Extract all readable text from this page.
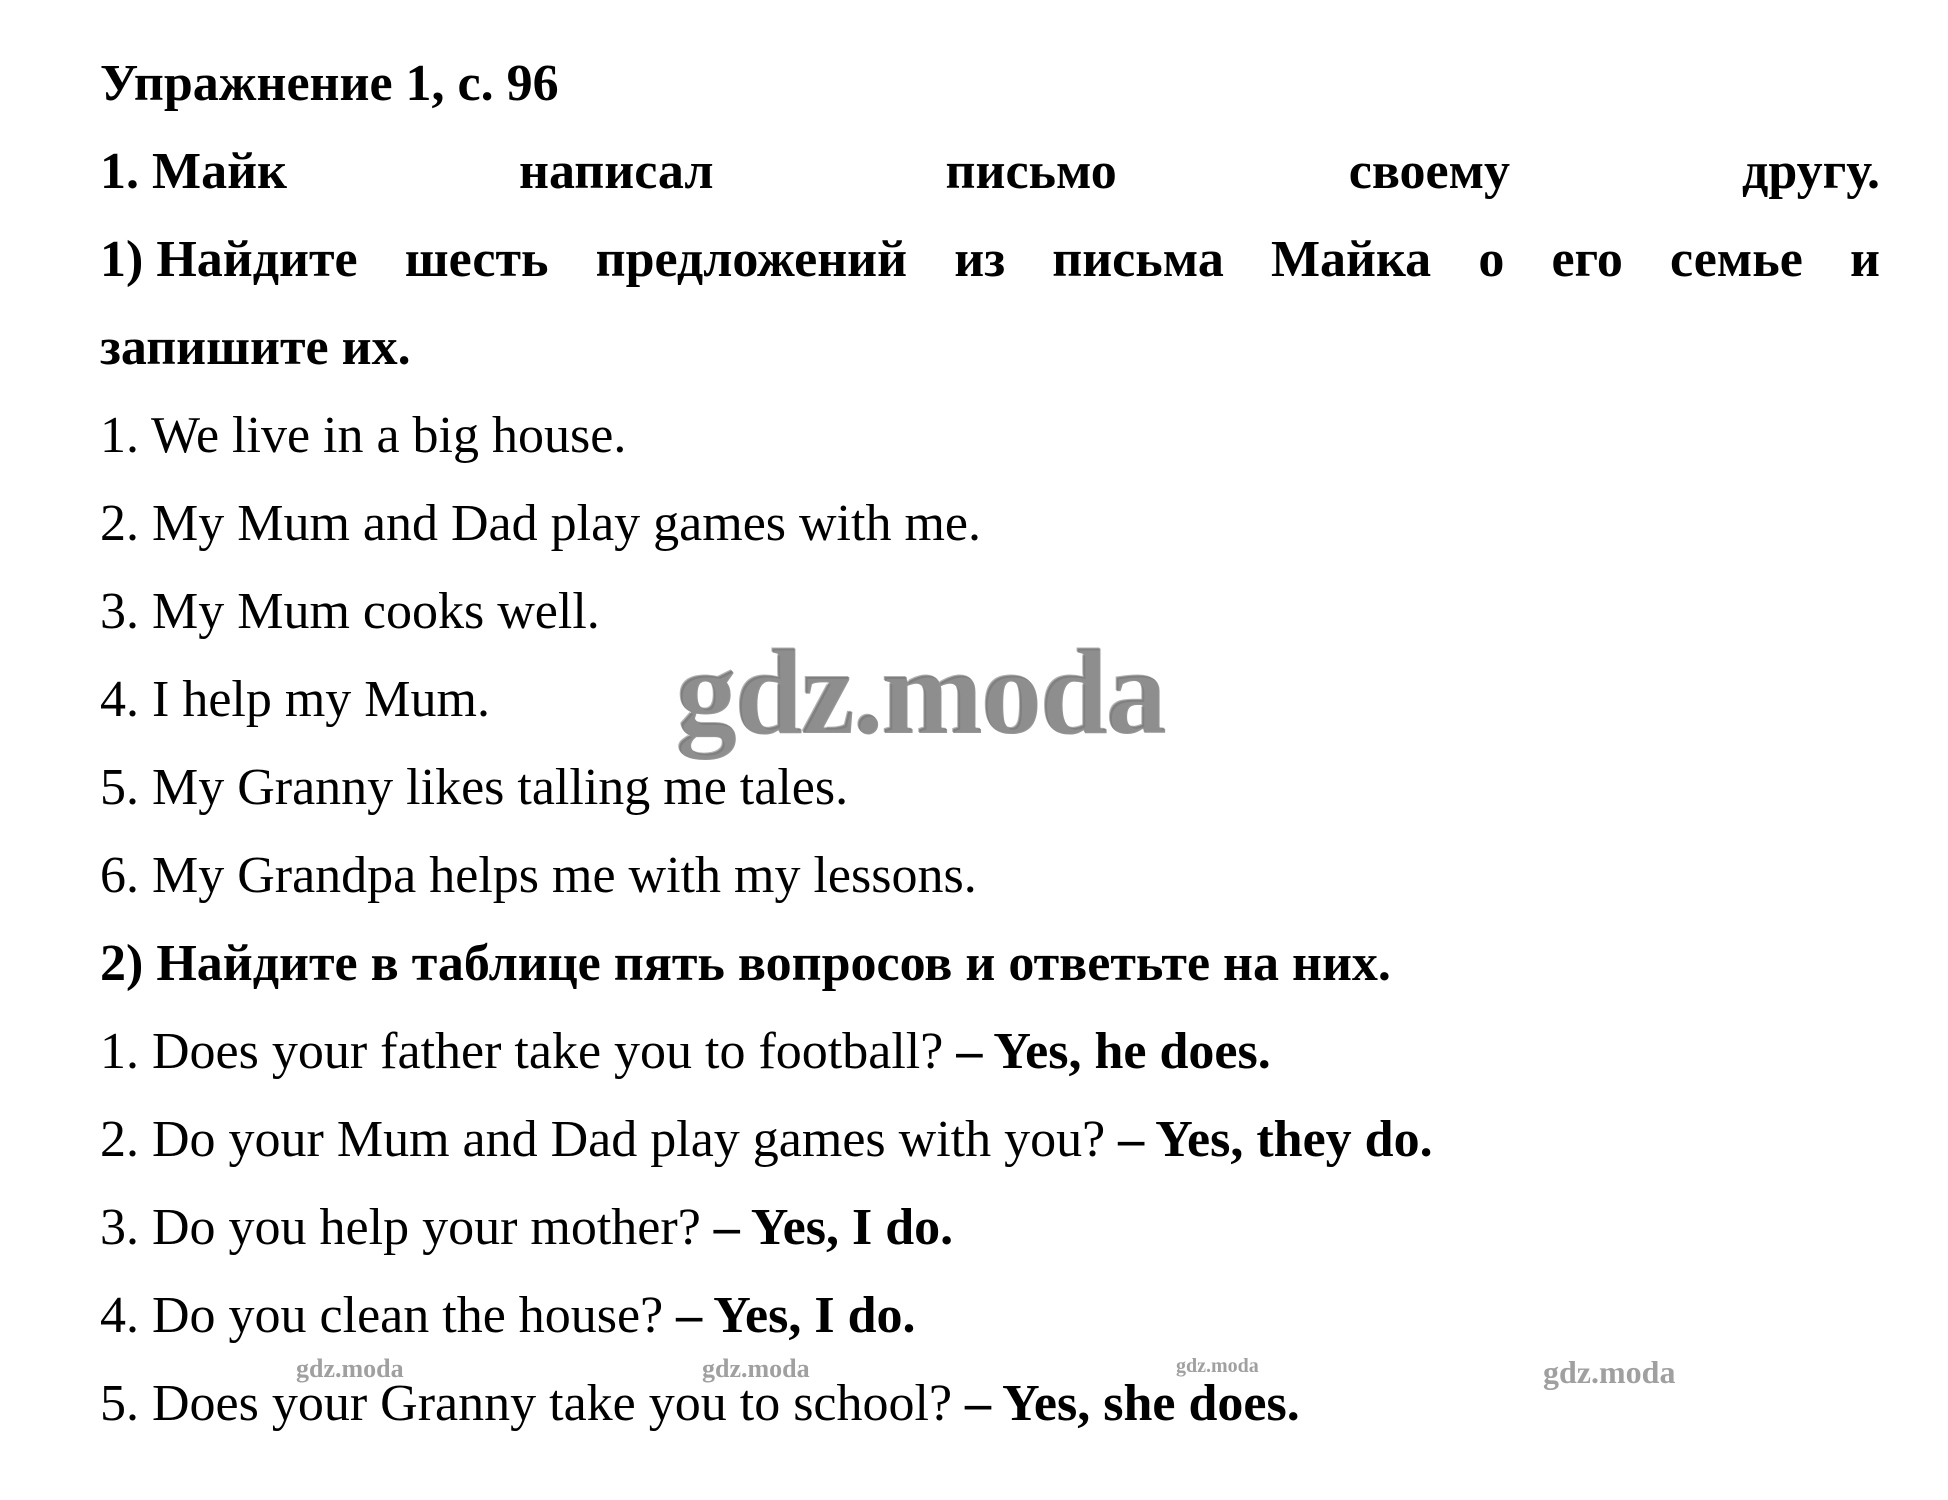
Упражнение 1, с. 96
1. Майк	написал	письмо	своему	другу.
1) Найдите шесть предложений из письма Майка о его семье и
запишите их.
1. We live in a big house.
2. My Mum and Dad play games with me.
3. My Mum cooks well.
4. I help my Mum.
5. My Granny likes talling me tales.
6. My Grandpa helps me with my lessons.
2) Найдите в таблице пять вопросов и ответьте на них.
1. Does your father take you to football? – Yes, he does.
2. Do your Mum and Dad play games with you? – Yes, they do.
3. Do you help your mother? – Yes, I do.
4. Do you clean the house? – Yes, I do.
5. Does your Granny take you to school? – Yes, she does.
gdz.moda
gdz.moda	gdz.moda	gdz.moda	gdz.moda
